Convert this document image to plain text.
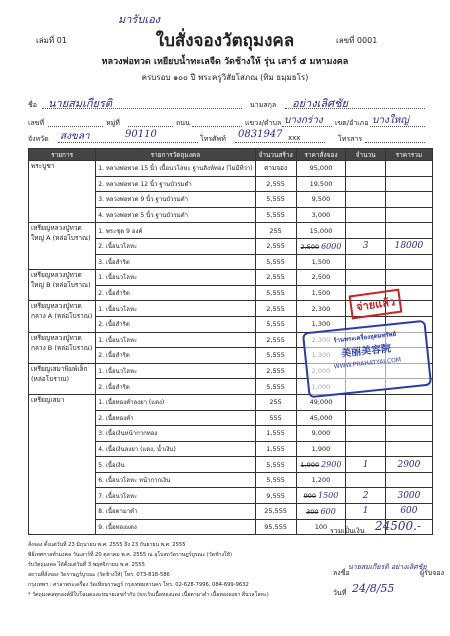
มารับเอง
เล่มที่ 01	เลขที่ 0001
ใบสั่งจองวัตถุมงคล
หลวงพ่อทวด เหยียบน้ำทะเลจืด วัดช้างให้ รุ่น เสาร์ ๕ มหามงคล
ครบรอบ ๑๐๐ ปี พระครูวิสัยโสภณ (ทิม ธมฺมธโร)
ชื่อ นายสมเกียรติ	นามสกุล อย่างเลิศชัย
เลขที่	หมู่ที่	ถนน	แขวง/ตำบล บางกร่าง เขต/อำเภอ บางใหญ่
จังหวัด สงขลา	90110	โทรศัพท์ 0831947 xxx	โทรสาร
รายการ	รายการวัตถุมงคล	จำนวนสร้าง	ราคาสั่งจอง	จำนวน	ราคารวม
พระบูชา	1. หลวงพ่อทวด 15 นิ้ว เนื้อนวโลหะ ฐานสิงห์ทอง (ไม่มีที่ว่า)	ตามจอง	95,000		
	2. หลวงพ่อทวด 12 นิ้ว ฐานบัวรมดำ	2,555	19,500		
	3. หลวงพ่อทวด 9 นิ้ว ฐานบัวรมดำ	5,555	9,500		
	4. หลวงพ่อทวด 5 นิ้ว ฐานบัวรมดำ	5,555	3,000		
เหรียญหลวงปู่ทวดใหญ่ A (หล่อโบราณ)	1. พระชุด 9 องค์	255	15,000		
	2. เนื้อนวโลหะ	2,555	2,500 6000	3	18000
	3. เนื้อสำริด	5,555	1,500		
เหรียญหลวงปู่ทวดใหญ่ B (หล่อโบราณ)	1. เนื้อนวโลหะ	2,555	2,500		
	2. เนื้อสำริด	5,555	1,500		
เหรียญหลวงปู่ทวดกลาง A (หล่อโบราณ)	1. เนื้อนวโลหะ	2,555	2,300		
	2. เนื้อสำริด	5,555	1,300		
เหรียญหลวงปู่ทวดกลาง B (หล่อโบราณ)	1. เนื้อนวโลหะ	2,555			
	2. เนื้อสำริด	5,555			
เหรียญเสมาพิมพ์เล็ก (หล่อโบราณ)	1. เนื้อนวโลหะ	2,555			
	2. เนื้อสำริด	5,555			
เหรียญเสมา	1. เนื้อทองคำลงยา (แดง)	255	49,000		
	2. เนื้อทองคำ	555	45,000		
	3. เนื้อเงินหน้ากากทอง	1,555	9,000		
	4. เนื้อเงินลงยา (แดง, น้ำเงิน)	1,555	1,900		
	5. เนื้อเงิน	5,555	1,900 2900	1	2900
	6. เนื้อนวโลหะ หน้ากากเงิน	5,555	1,200		
	7. เนื้อนวโลหะ	9,555	900 1500	2	3000
	8. เนื้อตามาดำ	25,555	300 600	1	600
	9. เนื้อทองแดง	95,555	100		
รวมเป็นเงิน 24500.-
จ่ายแล้ว
ร้านพระเครื่องอุดมทรัพย์
美丽美容院
WWW.PRAHATYAI.COM
สั่งจอง ตั้งแต่วันที่ 23 มิถุนายน พ.ศ. 2555 ถึง 23 กันยายน พ.ศ. 2555
พิธีเทศกาลทำมงคล วันเสาร์ที่ 20 ตุลาคม พ.ศ. 2555 ณ อุโบสถวัดราษฎร์บูรณะ (วัดช้างให้)
รับวัตถุมงคล ได้ตั้งแต่วันที่ 3 พฤศจิกายน พ.ศ. 2555
สถานที่สั่งจอง วัดราษฎร์บูรณะ (วัดช้างให้) โทร. 073-818-586
กรุงเทพฯ : ศาลาพระเครื่อง วัดเทียนราษฎร์ กรุงเทพมหานคร โทร. 02-628-7996, 084-699-9632
* วัตถุมงคลทุกองค์มีใบโฉนดและหมายเลขกำกับ (ยกเว้นเนื้อทองแดง เนื้อตามาดำ เนื้อทองลงยา สีนวลโลหะ)
ลงชื่อ
นายสมเกียรติ อย่างเลิศชัย
ผู้รับจอง
วันที่ 24/8/55
